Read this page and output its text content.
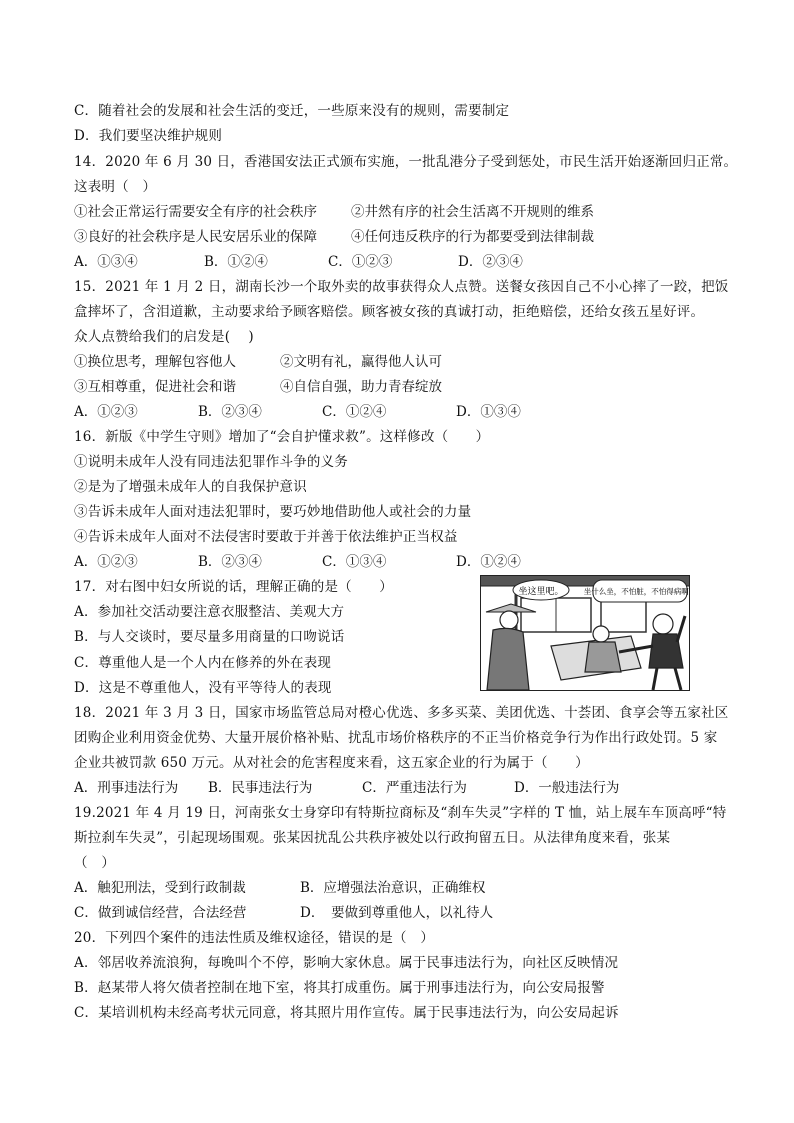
C．随着社会的发展和社会生活的变迁，一些原来没有的规则，需要制定
D．我们要坚决维护规则
14．2020 年 6 月 30 日，香港国安法正式颁布实施，一批乱港分子受到惩处，市民生活开始逐渐回归正常。
这表明（　）
①社会正常运行需要安全有序的社会秩序	②井然有序的社会生活离不开规则的维系
③良好的社会秩序是人民安居乐业的保障	④任何违反秩序的行为都要受到法律制裁
A．①③④	B．①②④	C．①②③	D．②③④
15．2021 年 1 月 2 日，湖南长沙一个取外卖的故事获得众人点赞。送餐女孩因自己不小心摔了一跤，把饭
盒摔坏了，含泪道歉，主动要求给予顾客赔偿。顾客被女孩的真诚打动，拒绝赔偿，还给女孩五星好评。
众人点赞给我们的启发是(　 )
①换位思考，理解包容他人	②文明有礼，赢得他人认可
③互相尊重，促进社会和谐	④自信自强，助力青春绽放
A．①②③	B．②③④	C．①②④	D．①③④
16．新版《中学生守则》增加了“会自护懂求救”。这样修改（　　）
①说明未成年人没有同违法犯罪作斗争的义务
②是为了增强未成年人的自我保护意识
③告诉未成年人面对违法犯罪时，要巧妙地借助他人或社会的力量
④告诉未成年人面对不法侵害时要敢于并善于依法维护正当权益
A．①②③	B．②③④	C．①③④	D．①②④
17．对右图中妇女所说的话，理解正确的是（　　）
A．参加社交活动要注意衣服整洁、美观大方
B．与人交谈时，要尽量多用商量的口吻说话
C．尊重他人是一个人内在修养的外在表现
D．这是不尊重他人，没有平等待人的表现
坐这里吧。	坐什么坐，不怕脏，不怕得病啊！
18．2021 年 3 月 3 日，国家市场监管总局对橙心优选、多多买菜、美团优选、十荟团、食享会等五家社区
团购企业利用资金优势、大量开展价格补贴、扰乱市场价格秩序的不正当价格竞争行为作出行政处罚。5 家
企业共被罚款 650 万元。从对社会的危害程度来看，这五家企业的行为属于（　　）
A．刑事违法行为 B．民事违法行为	C．严重违法行为	D．一般违法行为
19.2021 年 4 月 19 日，河南张女士身穿印有特斯拉商标及“刹车失灵”字样的 T 恤，站上展车车顶高呼“特
斯拉刹车失灵”，引起现场围观。张某因扰乱公共秩序被处以行政拘留五日。从法律角度来看，张某
（　）
A．触犯刑法，受到行政制裁	B．应增强法治意识，正确维权
C．做到诚信经营，合法经营	D．　要做到尊重他人，以礼待人
20．下列四个案件的违法性质及维权途径，错误的是（　）
A．邻居收养流浪狗，每晚叫个不停，影响大家休息。属于民事违法行为，向社区反映情况
B．赵某带人将欠债者控制在地下室，将其打成重伤。属于刑事违法行为，向公安局报警
C．某培训机构未经高考状元同意，将其照片用作宣传。属于民事违法行为，向公安局起诉
